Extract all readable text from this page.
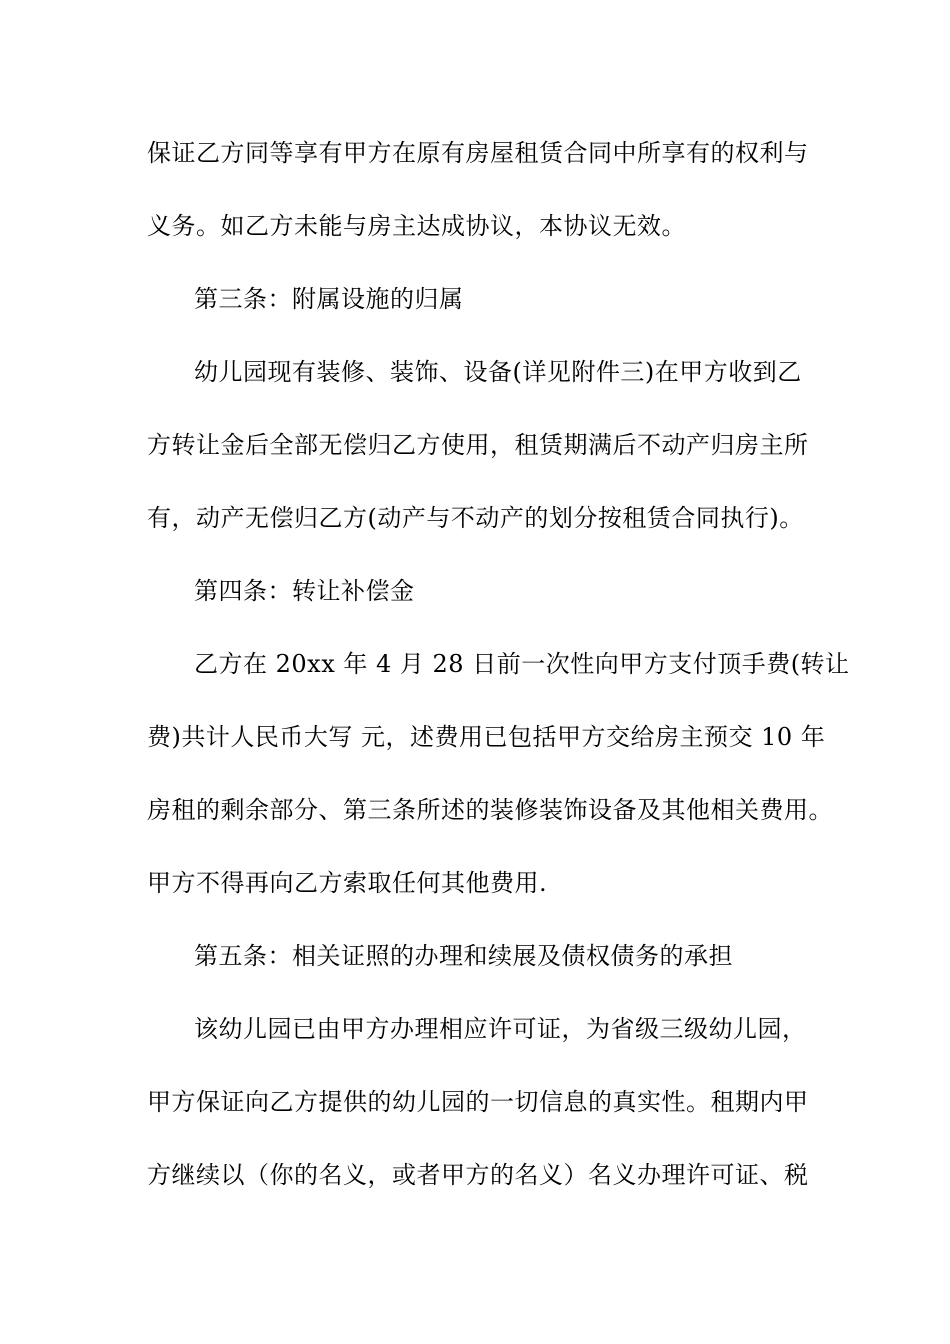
保证乙方同等享有甲方在原有房屋租赁合同中所享有的权利与
义务。如乙方未能与房主达成协议，本协议无效。
第三条：附属设施的归属
幼儿园现有装修、装饰、设备(详见附件三)在甲方收到乙
方转让金后全部无偿归乙方使用，租赁期满后不动产归房主所
有，动产无偿归乙方(动产与不动产的划分按租赁合同执行)。
第四条：转让补偿金
乙方在 20xx 年 4 月 28 日前一次性向甲方支付顶手费(转让
费)共计人民币大写 元，述费用已包括甲方交给房主预交 10 年
房租的剩余部分、第三条所述的装修装饰设备及其他相关费用。
甲方不得再向乙方索取任何其他费用.
第五条：相关证照的办理和续展及债权债务的承担
该幼儿园已由甲方办理相应许可证，为省级三级幼儿园，
甲方保证向乙方提供的幼儿园的一切信息的真实性。租期内甲
方继续以（你的名义，或者甲方的名义）名义办理许可证、税
